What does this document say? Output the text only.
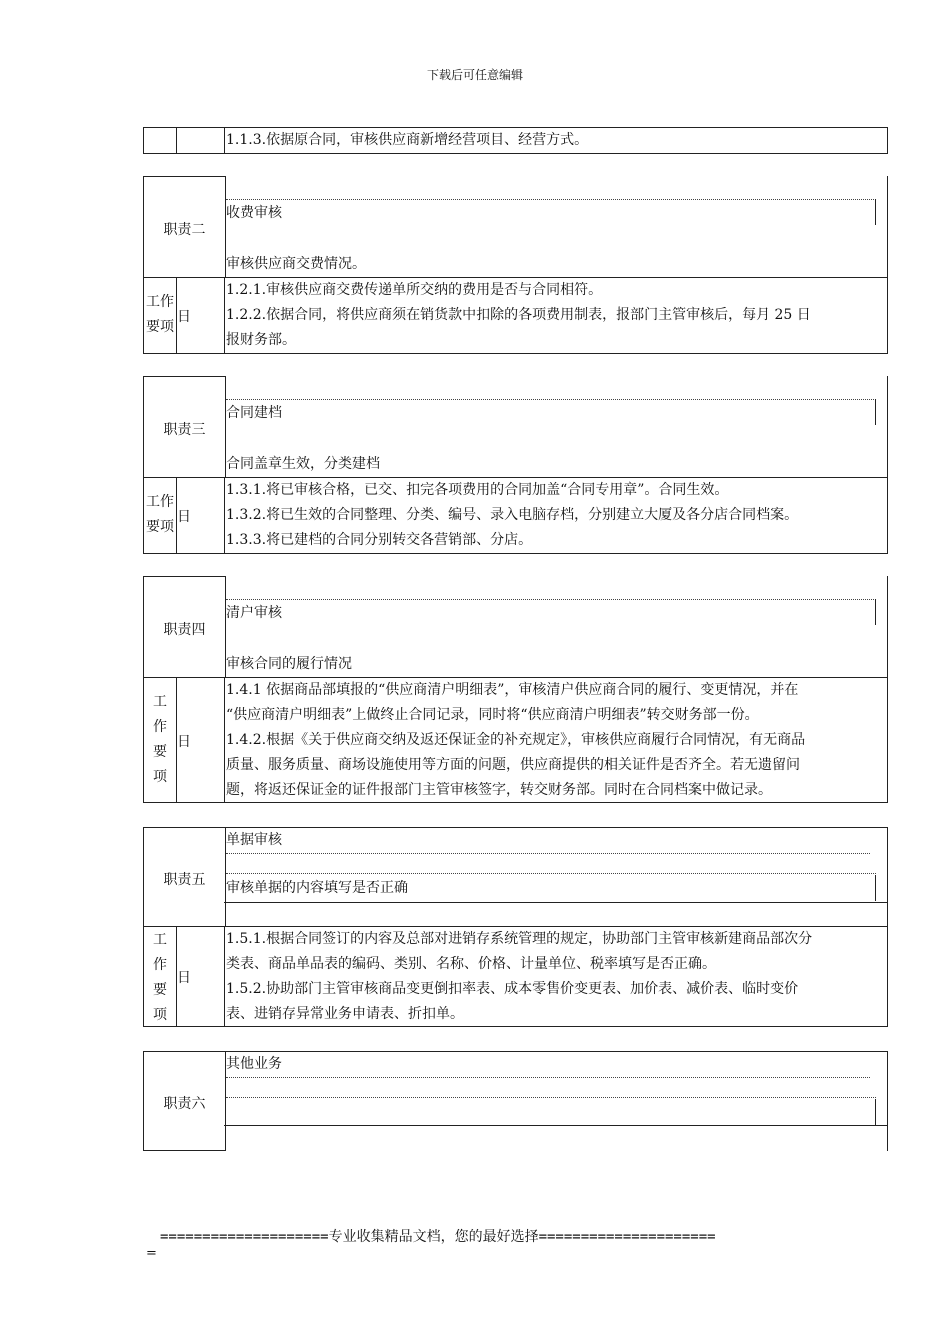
下载后可任意编辑
1.1.3.依据原合同，审核供应商新增经营项目、经营方式。
职责二
收费审核
审核供应商交费情况。
工作
要项
日
1.2.1.审核供应商交费传递单所交纳的费用是否与合同相符。
1.2.2.依据合同，将供应商须在销货款中扣除的各项费用制表，报部门主管审核后，每月 25 日
报财务部。
职责三
合同建档
合同盖章生效，分类建档
工作
要项
日
1.3.1.将已审核合格，已交、扣完各项费用的合同加盖“合同专用章”。合同生效。
1.3.2.将已生效的合同整理、分类、编号、录入电脑存档，分别建立大厦及各分店合同档案。
1.3.3.将已建档的合同分别转交各营销部、分店。
职责四
清户审核
审核合同的履行情况
工
作
要
项
日
1.4.1 依据商品部填报的“供应商清户明细表”，审核清户供应商合同的履行、变更情况，并在
“供应商清户明细表”上做终止合同记录，同时将“供应商清户明细表”转交财务部一份。
1.4.2.根据《关于供应商交纳及返还保证金的补充规定》，审核供应商履行合同情况，有无商品
质量、服务质量、商场设施使用等方面的问题，供应商提供的相关证件是否齐全。若无遗留问
题，将返还保证金的证件报部门主管审核签字，转交财务部。同时在合同档案中做记录。
职责五
单据审核
审核单据的内容填写是否正确
工
作
要
项
日
1.5.1.根据合同签订的内容及总部对进销存系统管理的规定，协助部门主管审核新建商品部次分
类表、商品单品表的编码、类别、名称、价格、计量单位、税率填写是否正确。
1.5.2.协助部门主管审核商品变更倒扣率表、成本零售价变更表、加价表、减价表、临时变价
表、进销存异常业务申请表、折扣单。
职责六
其他业务
====================专业收集精品文档，您的最好选择=====================
=
